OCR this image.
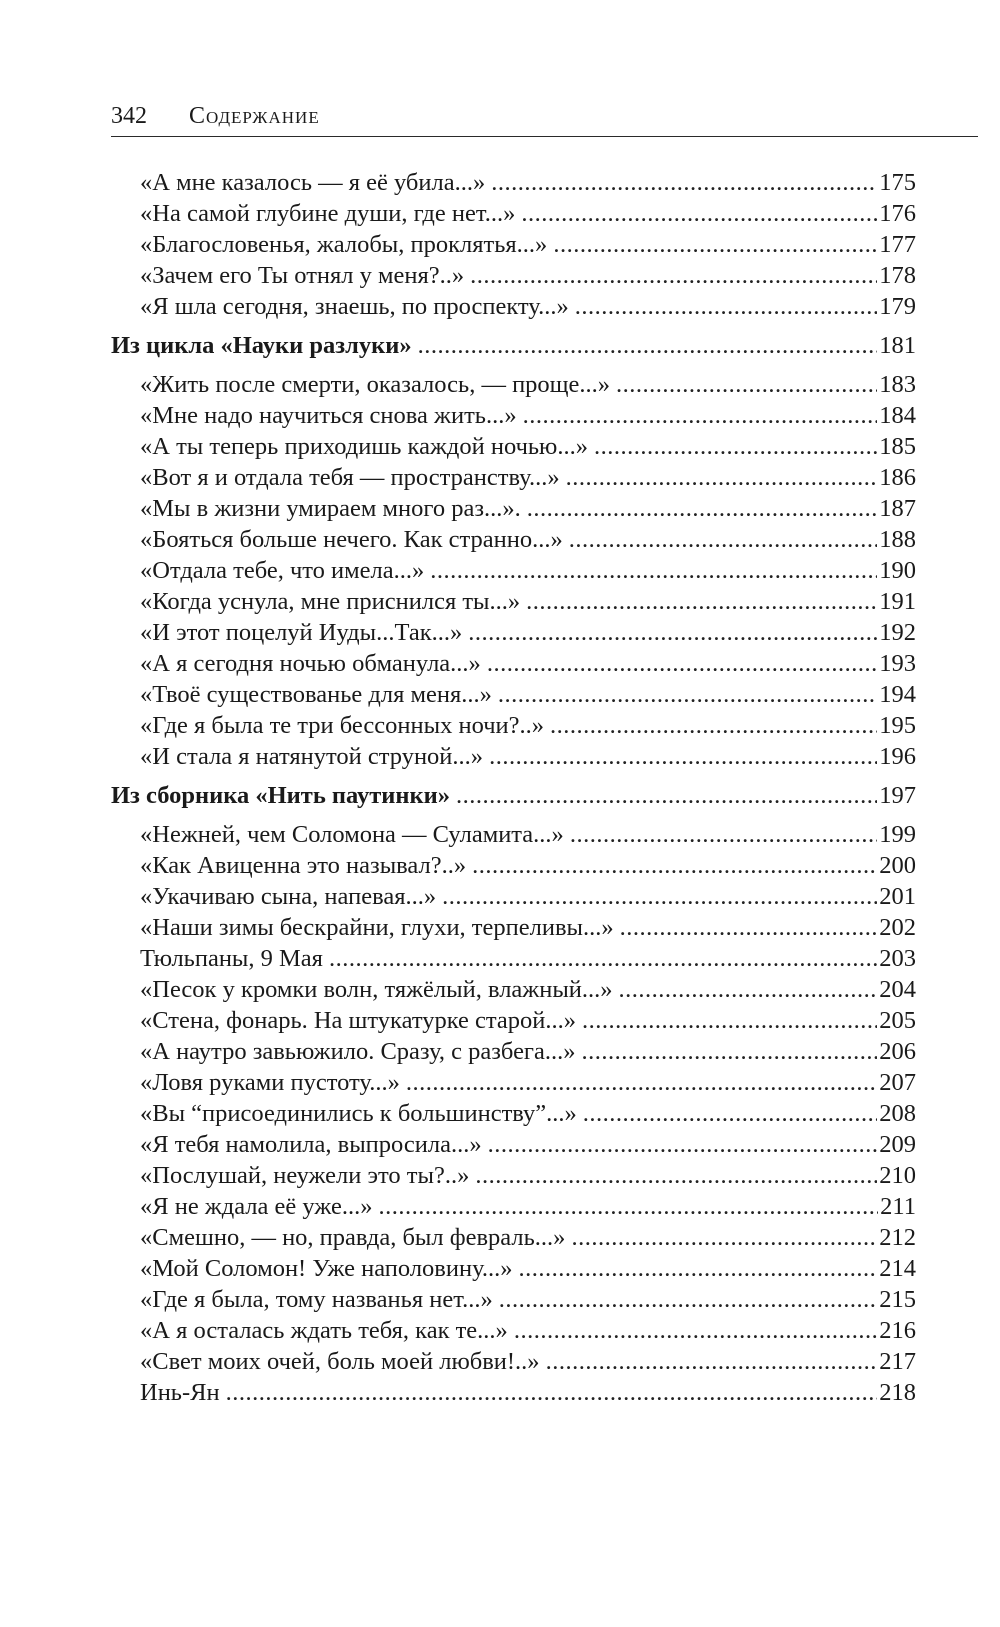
342 Содержание
«А мне казалось — я её убила...» .....	175
«На самой глубине души, где нет...» .....	176
«Благословенья, жалобы, проклятья...» .....	177
«Зачем его Ты отнял у меня?..» .....	178
«Я шла сегодня, знаешь, по проспекту...» .....	179
Из цикла «Науки разлуки» .....	181
«Жить после смерти, оказалось, — проще...» .....	183
«Мне надо научиться снова жить...» .....	184
«А ты теперь приходишь каждой ночью...» .....	185
«Вот я и отдала тебя — пространству...» .....	186
«Мы в жизни умираем много раз...». .....	187
«Бояться больше нечего. Как странно...» .....	188
«Отдала тебе, что имела...» .....	190
«Когда уснула, мне приснился ты...» .....	191
«И этот поцелуй Иуды...Так...» .....	192
«А я сегодня ночью обманула...» .....	193
«Твоё существованье для меня...» .....	194
«Где я была те три бессонных ночи?..» .....	195
«И стала я натянутой струной...» .....	196
Из сборника «Нить паутинки» .....	197
«Нежней, чем Соломона — Суламита...» .....	199
«Как Авиценна это называл?..» .....	200
«Укачиваю сына, напевая...» .....	201
«Наши зимы бескрайни, глухи, терпеливы...» .....	202
Тюльпаны, 9 Мая .....	203
«Песок у кромки волн, тяжёлый, влажный...» .....	204
«Стена, фонарь. На штукатурке старой...» .....	205
«А наутро завьюжило. Сразу, с разбега...» .....	206
«Ловя руками пустоту...» .....	207
«Вы “присоединились к большинству”...» .....	208
«Я тебя намолила, выпросила...» .....	209
«Послушай, неужели это ты?..» .....	210
«Я не ждала её уже...» .....	211
«Смешно, — но, правда, был февраль...» .....	212
«Мой Соломон! Уже наполовину...» .....	214
«Где я была, тому названья нет...» .....	215
«А я осталась ждать тебя, как те...» .....	216
«Свет моих очей, боль моей любви!..» .....	217
Инь-Ян .....	218
